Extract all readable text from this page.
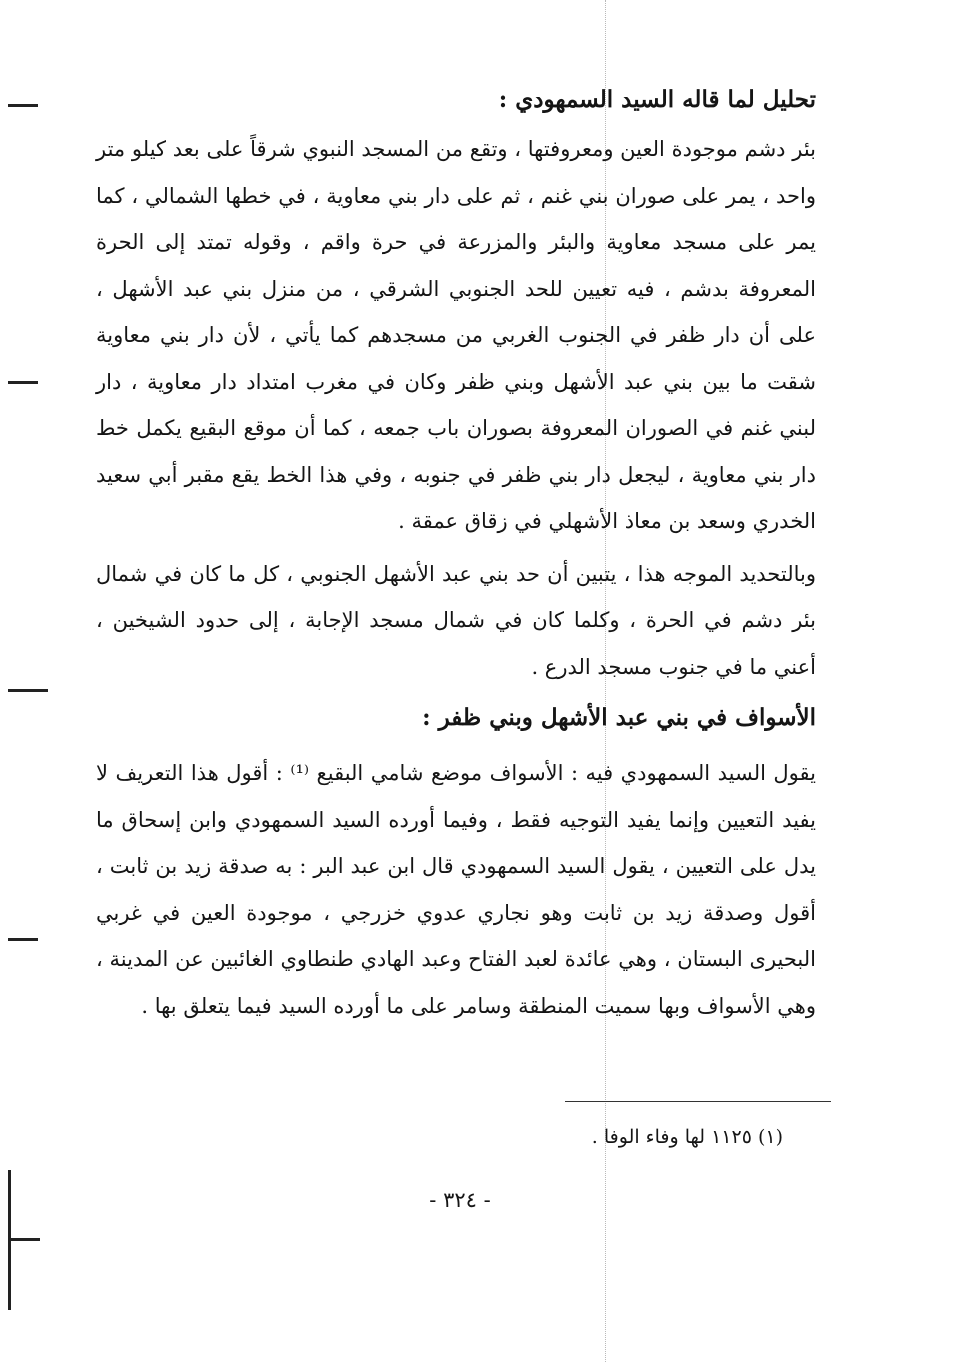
تحليل لما قاله السيد السمهودي :

بئر دشم موجودة العين ومعروفتها ، وتقع من المسجد النبوي شرقاً على بعد كيلو متر واحد ، يمر على صوران بني غنم ، ثم على دار بني معاوية ، في خطها الشمالي ، كما يمر على مسجد معاوية والبئر والمزرعة في حرة واقم ، وقوله تمتد إلى الحرة المعروفة بدشم ، فيه تعيين للحد الجنوبي الشرقي ، من منزل بني عبد الأشهل ، على أن دار ظفر في الجنوب الغربي من مسجدهم كما يأتي ، لأن دار بني معاوية شقت ما بين بني عبد الأشهل وبني ظفر وكان في مغرب امتداد دار معاوية ، دار لبني غنم في الصوران المعروفة بصوران باب جمعه ، كما أن موقع البقيع يكمل خط دار بني معاوية ، ليجعل دار بني ظفر في جنوبه ، وفي هذا الخط يقع مقبر أبي سعيد الخدري وسعد بن معاذ الأشهلي في زقاق عمقة .

وبالتحديد الموجه هذا ، يتبين أن حد بني عبد الأشهل الجنوبي ، كل ما كان في شمال بئر دشم في الحرة ، وكلما كان في شمال مسجد الإجابة ، إلى حدود الشيخين ، أعني ما في جنوب مسجد الدرع .

الأسواف في بني عبد الأشهل وبني ظفر :

يقول السيد السمهودي فيه : الأسواف موضع شامي البقيع ⁽¹⁾ : أقول هذا التعريف لا يفيد التعيين وإنما يفيد التوجيه فقط ، وفيما أورده السيد السمهودي وابن إسحاق ما يدل على التعيين ، يقول السيد السمهودي قال ابن عبد البر : به صدقة زيد بن ثابت ، أقول وصدقة زيد بن ثابت وهو نجاري عدوي خزرجي ، موجودة العين في غربي البحيرى البستان ، وهي عائدة لعبد الفتاح وعبد الهادي طنطاوي الغائبين عن المدينة ، وهي الأسواف وبها سميت المنطقة وسامر على ما أورده السيد فيما يتعلق بها .

(١) ١١٢٥ لها وفاء الوفا .

- ٣٢٤ -
